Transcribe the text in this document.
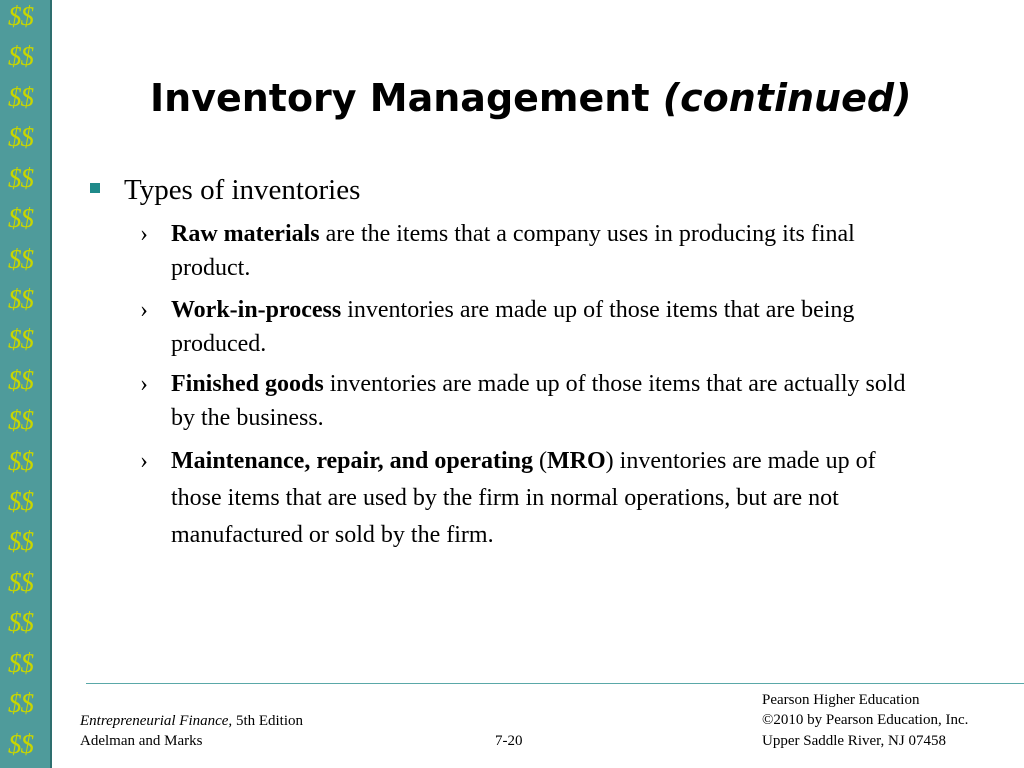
$$
$$
$$
$$
$$
$$
$$
$$
$$
$$
$$
$$
$$
$$
$$
$$
$$
$$
$$
Inventory Management (continued)
Types of inventories
› Raw materials are the items that a company uses in producing its final product.
› Work-in-process inventories are made up of those items that are being produced.
› Finished goods inventories are made up of those items that are actually sold by the business.
› Maintenance, repair, and operating (MRO) inventories are made up of those items that are used by the firm in normal operations, but are not manufactured or sold by the firm.
Entrepreneurial Finance, 5th Edition
Adelman and Marks	7-20
Pearson Higher Education
©2010 by Pearson Education, Inc.
Upper Saddle River, NJ 07458
